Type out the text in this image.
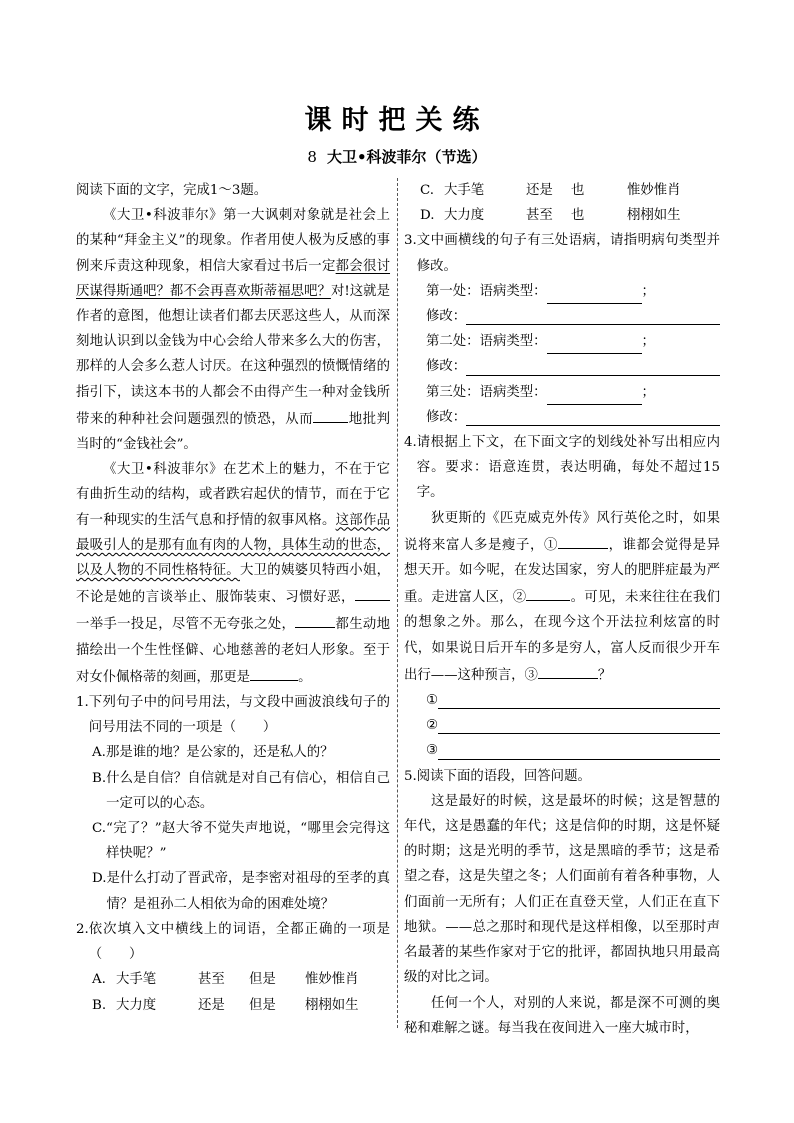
课时把关练
8 大卫•科波菲尔（节选）

阅读下面的文字，完成1～3题。

《大卫•科波菲尔》第一大讽刺对象就是社会上的某种“拜金主义”的现象。作者用使人极为反感的事例来斥责这种现象，相信大家看过书后一定都会很讨厌谋得斯通吧？都不会再喜欢斯蒂福思吧？对!这就是作者的意图，他想让读者们都去厌恶这些人，从而深刻地认识到以金钱为中心会给人带来多么大的伤害，那样的人会多么惹人讨厌。在这种强烈的愤慨情绪的指引下，读这本书的人都会不由得产生一种对金钱所带来的种种社会问题强烈的愤恐，从而	地批判当时的“金钱社会”。

《大卫•科波菲尔》在艺术上的魅力，不在于它有曲折生动的结构，或者跌宕起伏的情节，而在于它有一种现实的生活气息和抒情的叙事风格。这部作品最吸引人的是那有血有肉的人物，具体生动的世态，以及人物的不同性格特征。大卫的姨婆贝特西小姐，不论是她的言谈举止、服饰装束、习惯好恶，一举手一投足，尽管不无夸张之处，	都生动地描绘出一个生性怪僻、心地慈善的老妇人形象。至于对女仆佩格蒂的刻画，那更是	。

1. 下列句子中的问号用法，与文段中画波浪线句子的问号用法不同的一项是（　　）
A. 那是谁的地？是公家的，还是私人的？
B. 什么是自信？自信就是对自己有信心，相信自己一定可以的心态。
C. “完了？”赵大爷不觉失声地说，“哪里会完得这样快呢？”
D. 是什么打动了晋武帝，是李密对祖母的至孝的真情？是祖孙二人相依为命的困难处境？
2. 依次填入文中横线上的词语，全都正确的一项是（　　）
A. 大手笔	甚至	但是	惟妙惟肖
B. 大力度	还是	但是	栩栩如生
C. 大手笔	还是	也	惟妙惟肖
D. 大力度	甚至	也	栩栩如生
3. 文中画横线的句子有三处语病，请指明病句类型并修改。
第一处：语病类型：	；
修改：
第二处：语病类型：	；
修改：
第三处：语病类型：	；
修改：
4. 请根据上下文，在下面文字的划线处补写出相应内容。要求：语意连贯，表达明确，每处不超过15字。

狄更斯的《匹克威克外传》风行英伦之时，如果说将来富人多是瘦子，①	，谁都会觉得是异想天开。如今呢，在发达国家，穷人的肥胖症最为严重。走进富人区，②	。可见，未来往往在我们的想象之外。那么，在现今这个开法拉利炫富的时代，如果说日后开车的多是穷人，富人反而很少开车出行——这种预言，③	？

①
②
③
5. 阅读下面的语段，回答问题。

这是最好的时候，这是最坏的时候；这是智慧的年代，这是愚蠢的年代；这是信仰的时期，这是怀疑的时期；这是光明的季节，这是黑暗的季节；这是希望之春，这是失望之冬；人们面前有着各种事物，人们面前一无所有；人们正在直登天堂，人们正在直下地狱。——总之那时和现代是这样相像，以至那时声名最著的某些作家对于它的批评，都固执地只用最高级的对比之词。

任何一个人，对别的人来说，都是深不可测的奥秘和难解之谜。每当我在夜间进入一座大城市时，
